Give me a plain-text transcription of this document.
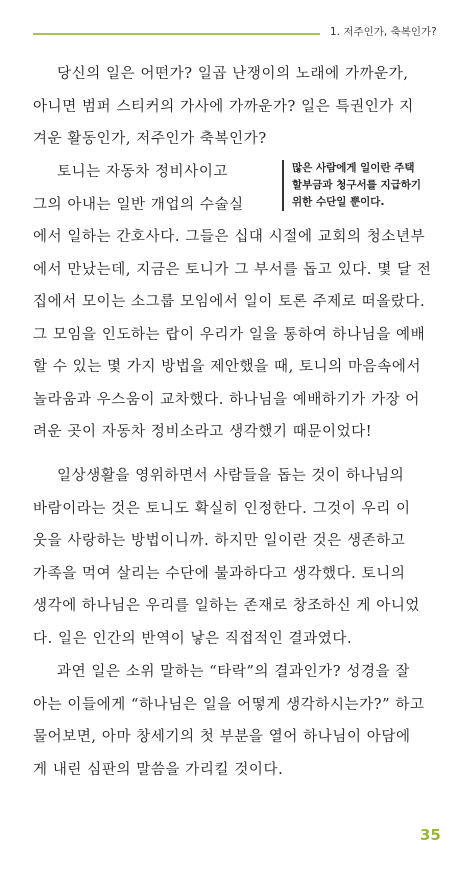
1. 저주인가, 축복인가?
당신의 일은 어떤가? 일곱 난쟁이의 노래에 가까운가,
아니면 범퍼 스티커의 가사에 가까운가? 일은 특권인가 지
겨운 활동인가, 저주인가 축복인가?
토니는 자동차 정비사이고
그의 아내는 일반 개업의 수술실
에서 일하는 간호사다. 그들은 십대 시절에 교회의 청소년부
에서 만났는데, 지금은 토니가 그 부서를 돕고 있다. 몇 달 전
집에서 모이는 소그룹 모임에서 일이 토론 주제로 떠올랐다.
그 모임을 인도하는 랍이 우리가 일을 통하여 하나님을 예배
할 수 있는 몇 가지 방법을 제안했을 때, 토니의 마음속에서
놀라움과 우스움이 교차했다. 하나님을 예배하기가 가장 어
려운 곳이 자동차 정비소라고 생각했기 때문이었다!
많은 사람에게 일이란 주택
할부금과 청구서를 지급하기
위한 수단일 뿐이다.
일상생활을 영위하면서 사람들을 돕는 것이 하나님의
바람이라는 것은 토니도 확실히 인정한다. 그것이 우리 이
웃을 사랑하는 방법이니까. 하지만 일이란 것은 생존하고
가족을 먹여 살리는 수단에 불과하다고 생각했다. 토니의
생각에 하나님은 우리를 일하는 존재로 창조하신 게 아니었
다. 일은 인간의 반역이 낳은 직접적인 결과였다.
과연 일은 소위 말하는 “타락”의 결과인가? 성경을 잘
아는 이들에게 “하나님은 일을 어떻게 생각하시는가?” 하고
물어보면, 아마 창세기의 첫 부분을 열어 하나님이 아담에
게 내린 심판의 말씀을 가리킬 것이다.
35
